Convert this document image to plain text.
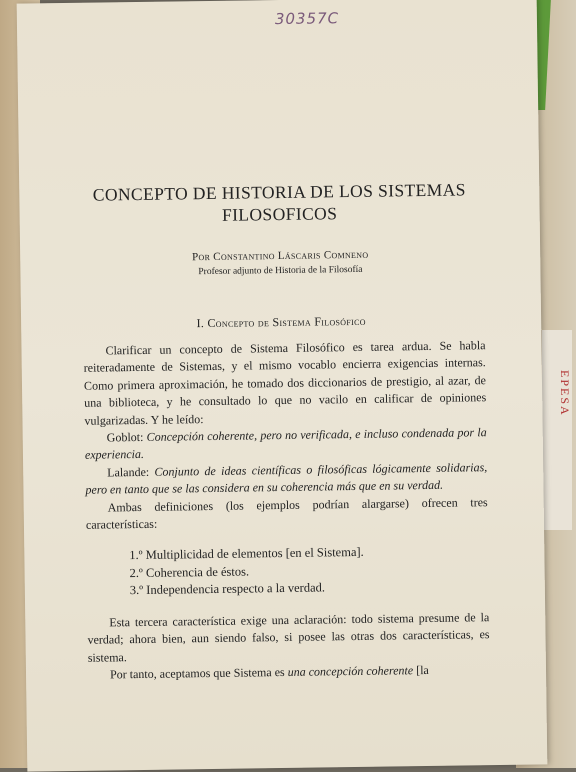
EPESA
30357C
CONCEPTO DE HISTORIA DE LOS SISTEMAS
FILOSOFICOS
Por Constantino Láscaris Comneno
Profesor adjunto de Historia de la Filosofía
I. Concepto de Sistema Filosófico

Clarificar un concepto de Sistema Filosófico es tarea ardua. Se habla reiteradamente de Sistemas, y el mismo vocablo encierra exigencias internas. Como primera aproximación, he tomado dos diccionarios de prestigio, al azar, de una biblioteca, y he consultado lo que no vacilo en calificar de opiniones vulgarizadas. Y he leído:

Goblot: Concepción coherente, pero no verificada, e incluso condenada por la experiencia.

Lalande: Conjunto de ideas científicas o filosóficas lógicamente solidarias, pero en tanto que se las considera en su coherencia más que en su verdad.

Ambas definiciones (los ejemplos podrían alargarse) ofrecen tres características:

1.º Multiplicidad de elementos [en el Sistema].
2.º Coherencia de éstos.
3.º Independencia respecto a la verdad.

Esta tercera característica exige una aclaración: todo sistema presume de la verdad; ahora bien, aun siendo falso, si posee las otras dos características, es sistema.

Por tanto, aceptamos que Sistema es una concepción coherente [la
